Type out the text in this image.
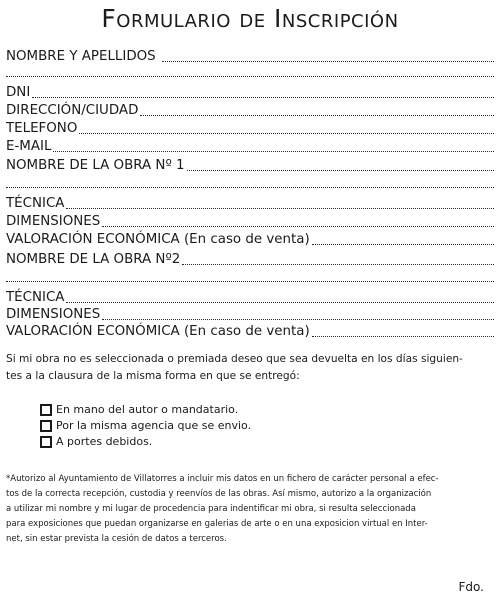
Formulario de Inscripción
NOMBRE Y APELLIDOS
DNI
DIRECCIÓN/CIUDAD
TELEFONO
E-MAIL
NOMBRE DE LA OBRA Nº 1
TÉCNICA
DIMENSIONES
VALORACIÓN ECONÓMICA (En caso de venta)
NOMBRE DE LA OBRA Nº2
TÉCNICA
DIMENSIONES
VALORACIÓN ECONÓMICA (En caso de venta)
Si mi obra no es seleccionada o premiada deseo que sea devuelta en los días siguien-
tes a la clausura de la misma forma en que se entregó:
En mano del autor o mandatario.
Por la misma agencia que se envio.
A portes debidos.
*Autorizo al Ayuntamiento de Villatorres a incluir mis datos en un fichero de carácter personal a efec-
tos de la correcta recepción, custodia y reenvíos de las obras. Así mismo, autorizo a la organización
a utilizar mi nombre y mi lugar de procedencia para indentificar mi obra, si resulta seleccionada
para exposiciones que puedan organizarse en galerias de arte o en una exposicion virtual en Inter-
net, sin estar prevista la cesión de datos a terceros.
Fdo.
